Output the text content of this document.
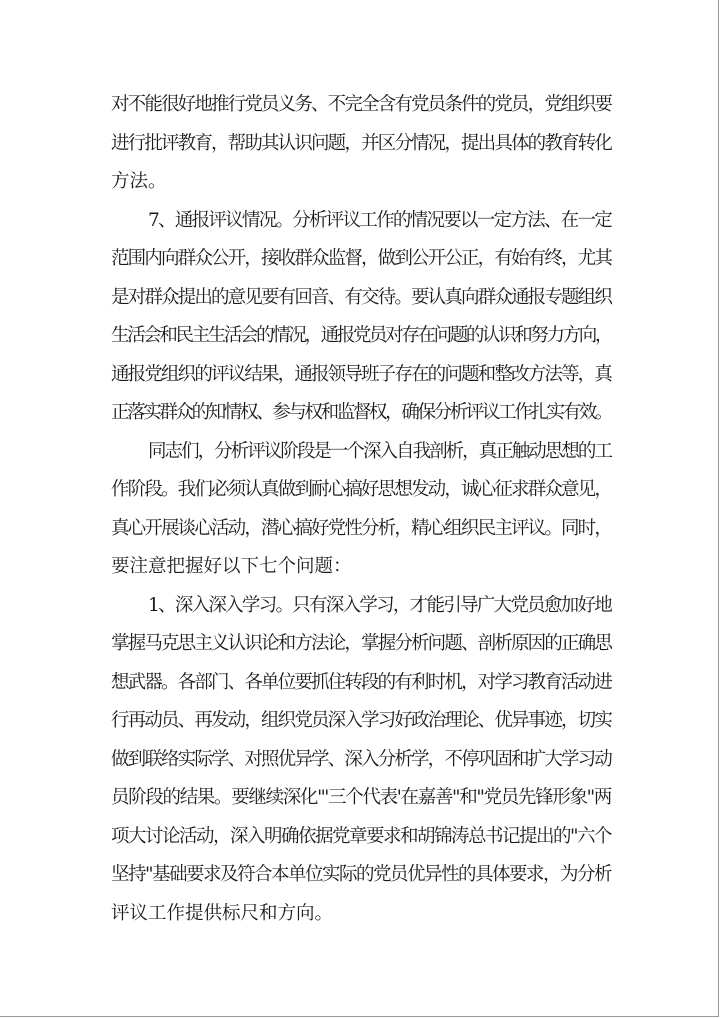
对不能很好地推行党员义务、不完全含有党员条件的党员，党组织要
进行批评教育，帮助其认识问题，并区分情况，提出具体的教育转化
方法。
7、通报评议情况。分析评议工作的情况要以一定方法、在一定
范围内向群众公开，接收群众监督，做到公开公正，有始有终，尤其
是对群众提出的意见要有回音、有交待。要认真向群众通报专题组织
生活会和民主生活会的情况，通报党员对存在问题的认识和努力方向，
通报党组织的评议结果，通报领导班子存在的问题和整改方法等，真
正落实群众的知情权、参与权和监督权，确保分析评议工作扎实有效。
同志们，分析评议阶段是一个深入自我剖析，真正触动思想的工
作阶段。我们必须认真做到耐心搞好思想发动，诚心征求群众意见，
真心开展谈心活动，潜心搞好党性分析，精心组织民主评议。同时，
要注意把握好以下七个问题：
1、深入深入学习。只有深入学习，才能引导广大党员愈加好地
掌握马克思主义认识论和方法论，掌握分析问题、剖析原因的正确思
想武器。各部门、各单位要抓住转段的有利时机，对学习教育活动进
行再动员、再发动，组织党员深入学习好政治理论、优异事迹，切实
做到联络实际学、对照优异学、深入分析学，不停巩固和扩大学习动
员阶段的结果。要继续深化"'三个代表'在嘉善"和"党员先锋形象"两
项大讨论活动，深入明确依据党章要求和胡锦涛总书记提出的"六个
坚持"基础要求及符合本单位实际的党员优异性的具体要求，为分析
评议工作提供标尺和方向。
